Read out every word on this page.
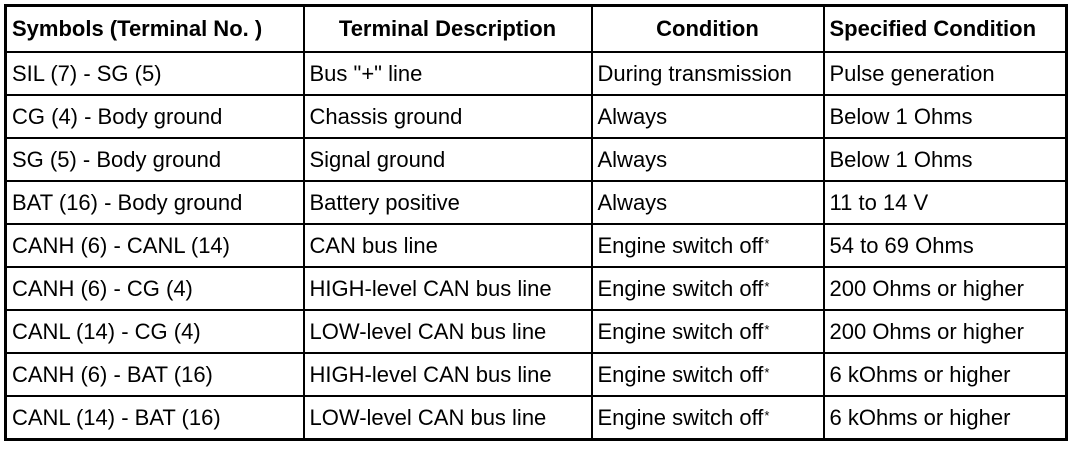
Symbols (Terminal No. )	Terminal Description	Condition	Specified Condition
SIL (7) - SG (5)	Bus "+" line	During transmission	Pulse generation
CG (4) - Body ground	Chassis ground	Always	Below 1 Ohms
SG (5) - Body ground	Signal ground	Always	Below 1 Ohms
BAT (16) - Body ground	Battery positive	Always	11 to 14 V
CANH (6) - CANL (14)	CAN bus line	Engine switch off*	54 to 69 Ohms
CANH (6) - CG (4)	HIGH-level CAN bus line	Engine switch off*	200 Ohms or higher
CANL (14) - CG (4)	LOW-level CAN bus line	Engine switch off*	200 Ohms or higher
CANH (6) - BAT (16)	HIGH-level CAN bus line	Engine switch off*	6 kOhms or higher
CANL (14) - BAT (16)	LOW-level CAN bus line	Engine switch off*	6 kOhms or higher
